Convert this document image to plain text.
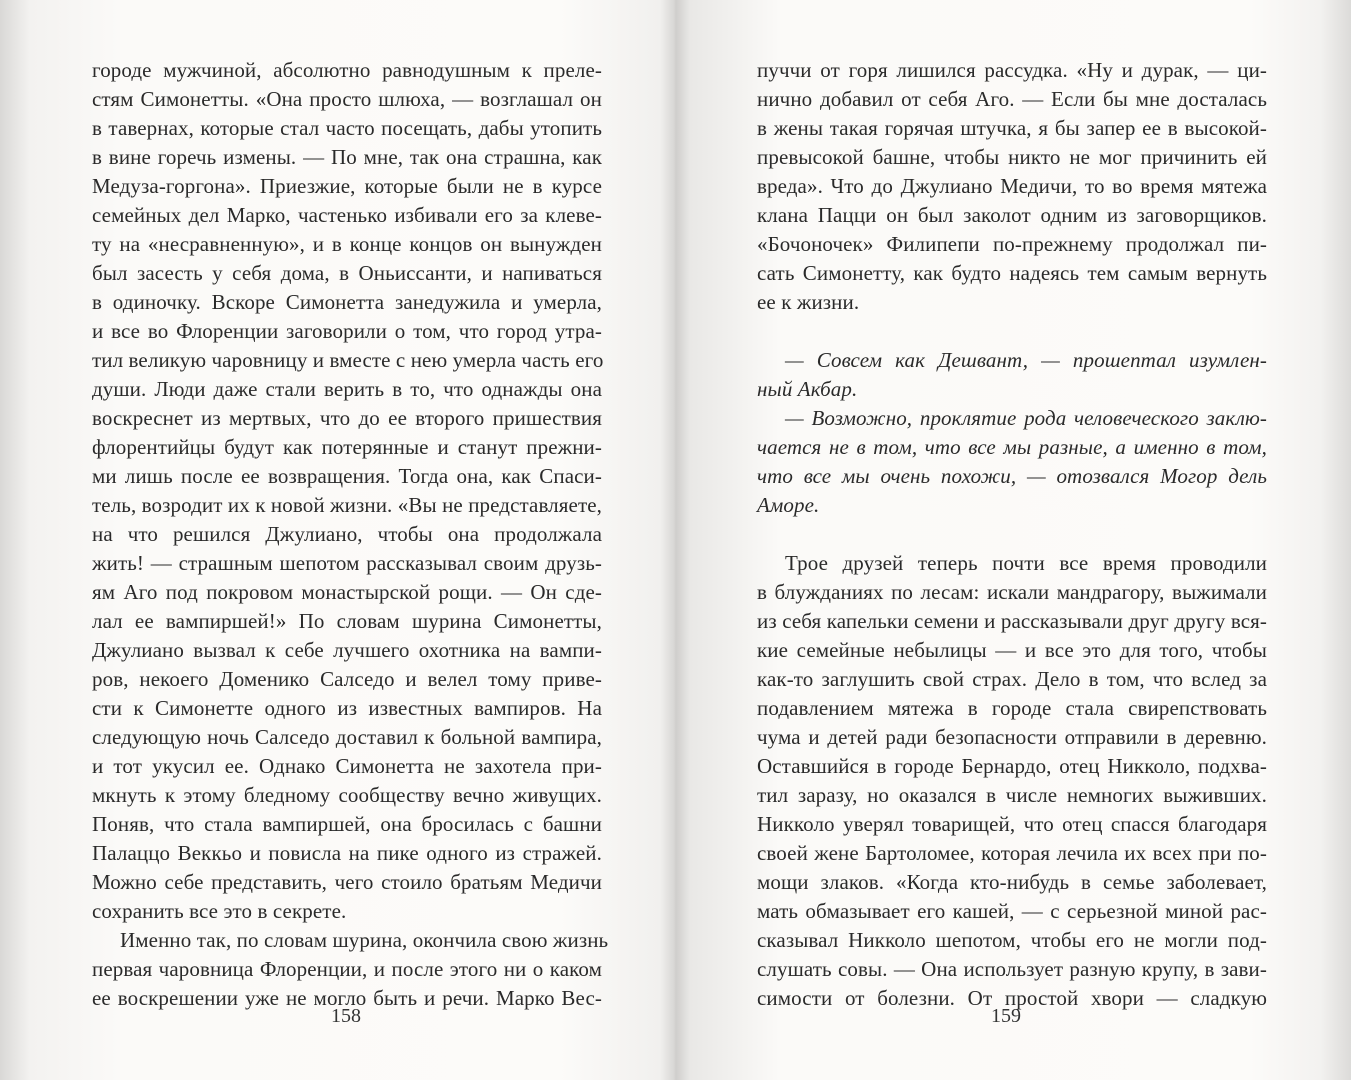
городе мужчиной, абсолютно равнодушным к преле-
стям Симонетты. «Она просто шлюха, — возглашал он
в тавернах, которые стал часто посещать, дабы утопить
в вине горечь измены. — По мне, так она страшна, как
Медуза-горгона». Приезжие, которые были не в курсе
семейных дел Марко, частенько избивали его за клеве-
ту на «несравненную», и в конце концов он вынужден
был засесть у себя дома, в Оньиссанти, и напиваться
в одиночку. Вскоре Симонетта занедужила и умерла,
и все во Флоренции заговорили о том, что город утра-
тил великую чаровницу и вместе с нею умерла часть его
души. Люди даже стали верить в то, что однажды она
воскреснет из мертвых, что до ее второго пришествия
флорентийцы будут как потерянные и станут прежни-
ми лишь после ее возвращения. Тогда она, как Спаси-
тель, возродит их к новой жизни. «Вы не представляете,
на что решился Джулиано, чтобы она продолжала
жить! — страшным шепотом рассказывал своим друзь-
ям Аго под покровом монастырской рощи. — Он сде-
лал ее вампиршей!» По словам шурина Симонетты,
Джулиано вызвал к себе лучшего охотника на вампи-
ров, некоего Доменико Салседо и велел тому приве-
сти к Симонетте одного из известных вампиров. На
следующую ночь Салседо доставил к больной вампира,
и тот укусил ее. Однако Симонетта не захотела при-
мкнуть к этому бледному сообществу вечно живущих.
Поняв, что стала вампиршей, она бросилась с башни
Палаццо Веккьо и повисла на пике одного из стражей.
Можно себе представить, чего стоило братьям Медичи
сохранить все это в секрете.
Именно так, по словам шурина, окончила свою жизнь
первая чаровница Флоренции, и после этого ни о каком
ее воскрешении уже не могло быть и речи. Марко Вес-
158
пуччи от горя лишился рассудка. «Ну и дурак, — ци-
нично добавил от себя Аго. — Если бы мне досталась
в жены такая горячая штучка, я бы запер ее в высокой-
превысокой башне, чтобы никто не мог причинить ей
вреда». Что до Джулиано Медичи, то во время мятежа
клана Пацци он был заколот одним из заговорщиков.
«Бочоночек» Филипепи по-прежнему продолжал пи-
сать Симонетту, как будто надеясь тем самым вернуть
ее к жизни.
— Совсем как Дешвант, — прошептал изумлен-
ный Акбар.
— Возможно, проклятие рода человеческого заклю-
чается не в том, что все мы разные, а именно в том,
что все мы очень похожи, — отозвался Могор дель
Аморе.
Трое друзей теперь почти все время проводили
в блужданиях по лесам: искали мандрагору, выжимали
из себя капельки семени и рассказывали друг другу вся-
кие семейные небылицы — и все это для того, чтобы
как-то заглушить свой страх. Дело в том, что вслед за
подавлением мятежа в городе стала свирепствовать
чума и детей ради безопасности отправили в деревню.
Оставшийся в городе Бернардо, отец Никколо, подхва-
тил заразу, но оказался в числе немногих выживших.
Никколо уверял товарищей, что отец спасся благодаря
своей жене Бартоломее, которая лечила их всех при по-
мощи злаков. «Когда кто-нибудь в семье заболевает,
мать обмазывает его кашей, — с серьезной миной рас-
сказывал Никколо шепотом, чтобы его не могли под-
слушать совы. — Она использует разную крупу, в зави-
симости от болезни. От простой хвори — сладкую
159
